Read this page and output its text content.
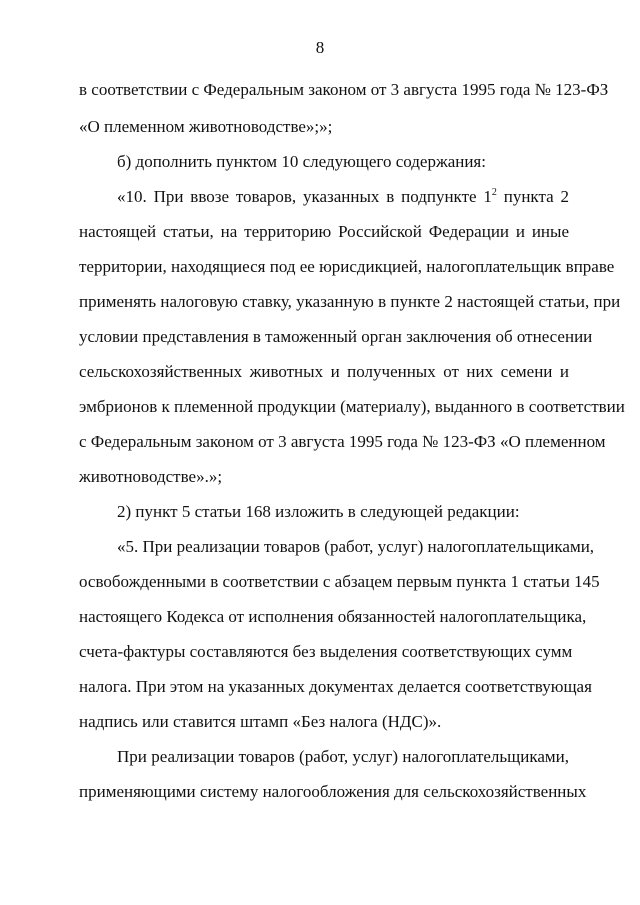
8
в соответствии с Федеральным законом от 3 августа 1995 года № 123-ФЗ
«О племенном животноводстве»;»;
б) дополнить пунктом 10 следующего содержания:
«10. При ввозе товаров, указанных в подпункте $1^2$ пункта 2
настоящей статьи, на территорию Российской Федерации и иные
территории, находящиеся под ее юрисдикцией, налогоплательщик вправе
применять налоговую ставку, указанную в пункте 2 настоящей статьи, при
условии представления в таможенный орган заключения об отнесении
сельскохозяйственных животных и полученных от них семени и
эмбрионов к племенной продукции (материалу), выданного в соответствии
с Федеральным законом от 3 августа 1995 года № 123-ФЗ «О племенном
животноводстве».»;
2) пункт 5 статьи 168 изложить в следующей редакции:
«5. При реализации товаров (работ, услуг) налогоплательщиками,
освобожденными в соответствии с абзацем первым пункта 1 статьи 145
настоящего Кодекса от исполнения обязанностей налогоплательщика,
счета-фактуры составляются без выделения соответствующих сумм
налога. При этом на указанных документах делается соответствующая
надпись или ставится штамп «Без налога (НДС)».
При реализации товаров (работ, услуг) налогоплательщиками,
применяющими систему налогообложения для сельскохозяйственных
